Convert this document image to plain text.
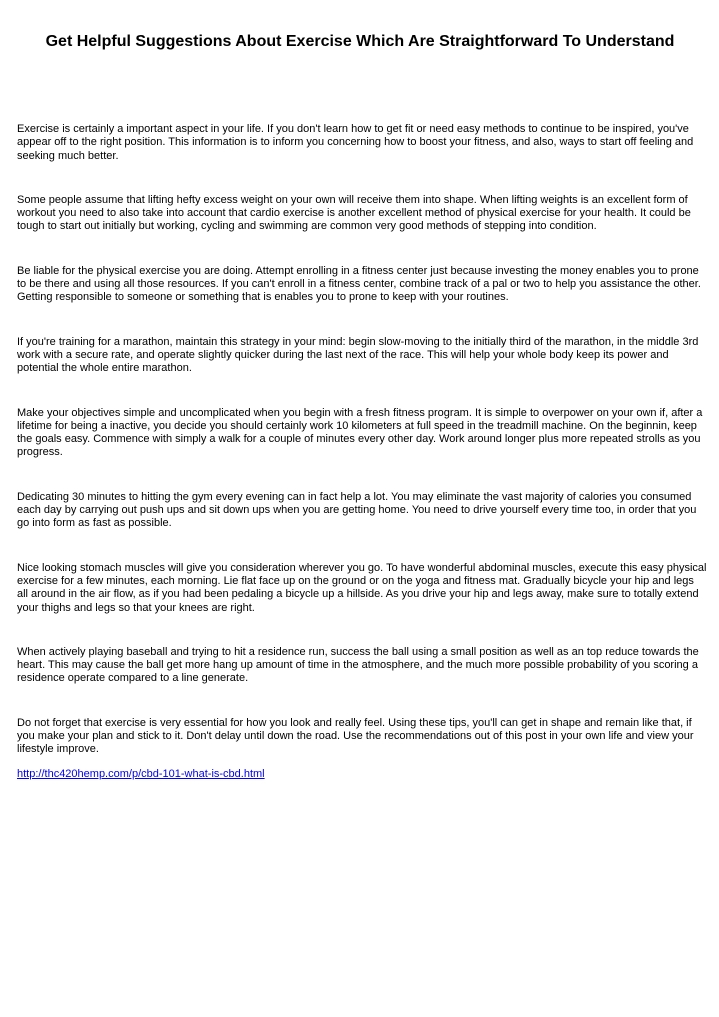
Get Helpful Suggestions About Exercise Which Are Straightforward To Understand

Exercise is certainly a important aspect in your life. If you don't learn how to get fit or need easy methods to continue to be inspired, you've appear off to the right position. This information is to inform you concerning how to boost your fitness, and also, ways to start off feeling and seeking much better.

Some people assume that lifting hefty excess weight on your own will receive them into shape. When lifting weights is an excellent form of workout you need to also take into account that cardio exercise is another excellent method of physical exercise for your health. It could be tough to start out initially but working, cycling and swimming are common very good methods of stepping into condition.

Be liable for the physical exercise you are doing. Attempt enrolling in a fitness center just because investing the money enables you to prone to be there and using all those resources. If you can't enroll in a fitness center, combine track of a pal or two to help you assistance the other. Getting responsible to someone or something that is enables you to prone to keep with your routines.

If you're training for a marathon, maintain this strategy in your mind: begin slow-moving to the initially third of the marathon, in the middle 3rd work with a secure rate, and operate slightly quicker during the last next of the race. This will help your whole body keep its power and potential the whole entire marathon.

Make your objectives simple and uncomplicated when you begin with a fresh fitness program. It is simple to overpower on your own if, after a lifetime for being a inactive, you decide you should certainly work 10 kilometers at full speed in the treadmill machine. On the beginnin, keep the goals easy. Commence with simply a walk for a couple of minutes every other day. Work around longer plus more repeated strolls as you progress.

Dedicating 30 minutes to hitting the gym every evening can in fact help a lot. You may eliminate the vast majority of calories you consumed each day by carrying out push ups and sit down ups when you are getting home. You need to drive yourself every time too, in order that you go into form as fast as possible.

Nice looking stomach muscles will give you consideration wherever you go. To have wonderful abdominal muscles, execute this easy physical exercise for a few minutes, each morning. Lie flat face up on the ground or on the yoga and fitness mat. Gradually bicycle your hip and legs all around in the air flow, as if you had been pedaling a bicycle up a hillside. As you drive your hip and legs away, make sure to totally extend your thighs and legs so that your knees are right.

When actively playing baseball and trying to hit a residence run, success the ball using a small position as well as an top reduce towards the heart. This may cause the ball get more hang up amount of time in the atmosphere, and the much more possible probability of you scoring a residence operate compared to a line generate.

Do not forget that exercise is very essential for how you look and really feel. Using these tips, you'll can get in shape and remain like that, if you make your plan and stick to it. Don't delay until down the road. Use the recommendations out of this post in your own life and view your lifestyle improve.

http://thc420hemp.com/p/cbd-101-what-is-cbd.html
